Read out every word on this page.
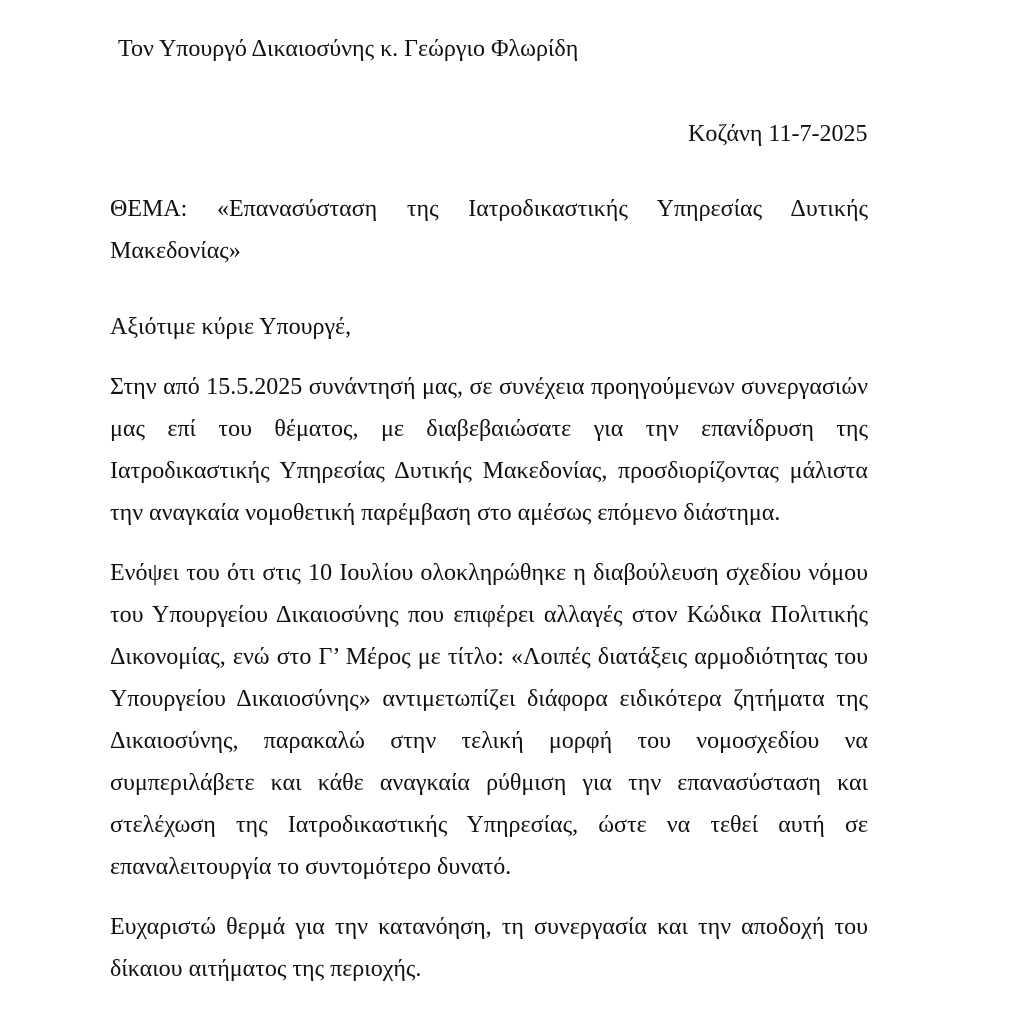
Τον Υπουργό Δικαιοσύνης κ. Γεώργιο Φλωρίδη
Κοζάνη 11-7-2025
ΘΕΜΑ: «Επανασύσταση της Ιατροδικαστικής Υπηρεσίας Δυτικής
Μακεδονίας»
Αξιότιμε κύριε Υπουργέ,
Στην από 15.5.2025 συνάντησή μας, σε συνέχεια προηγούμενων συνεργασιών
μας επί του θέματος, με διαβεβαιώσατε για την επανίδρυση της
Ιατροδικαστικής Υπηρεσίας Δυτικής Μακεδονίας, προσδιορίζοντας μάλιστα
την αναγκαία νομοθετική παρέμβαση στο αμέσως επόμενο διάστημα.
Ενόψει του ότι στις 10 Ιουλίου ολοκληρώθηκε η διαβούλευση σχεδίου νόμου
του Υπουργείου Δικαιοσύνης που επιφέρει αλλαγές στον Κώδικα Πολιτικής
Δικονομίας, ενώ στο Γ’ Μέρος με τίτλο: «Λοιπές διατάξεις αρμοδιότητας του
Υπουργείου Δικαιοσύνης» αντιμετωπίζει διάφορα ειδικότερα ζητήματα της
Δικαιοσύνης, παρακαλώ στην τελική μορφή του νομοσχεδίου να
συμπεριλάβετε και κάθε αναγκαία ρύθμιση για την επανασύσταση και
στελέχωση της Ιατροδικαστικής Υπηρεσίας, ώστε να τεθεί αυτή σε
επαναλειτουργία το συντομότερο δυνατό.
Ευχαριστώ θερμά για την κατανόηση, τη συνεργασία και την αποδοχή του
δίκαιου αιτήματος της περιοχής.
